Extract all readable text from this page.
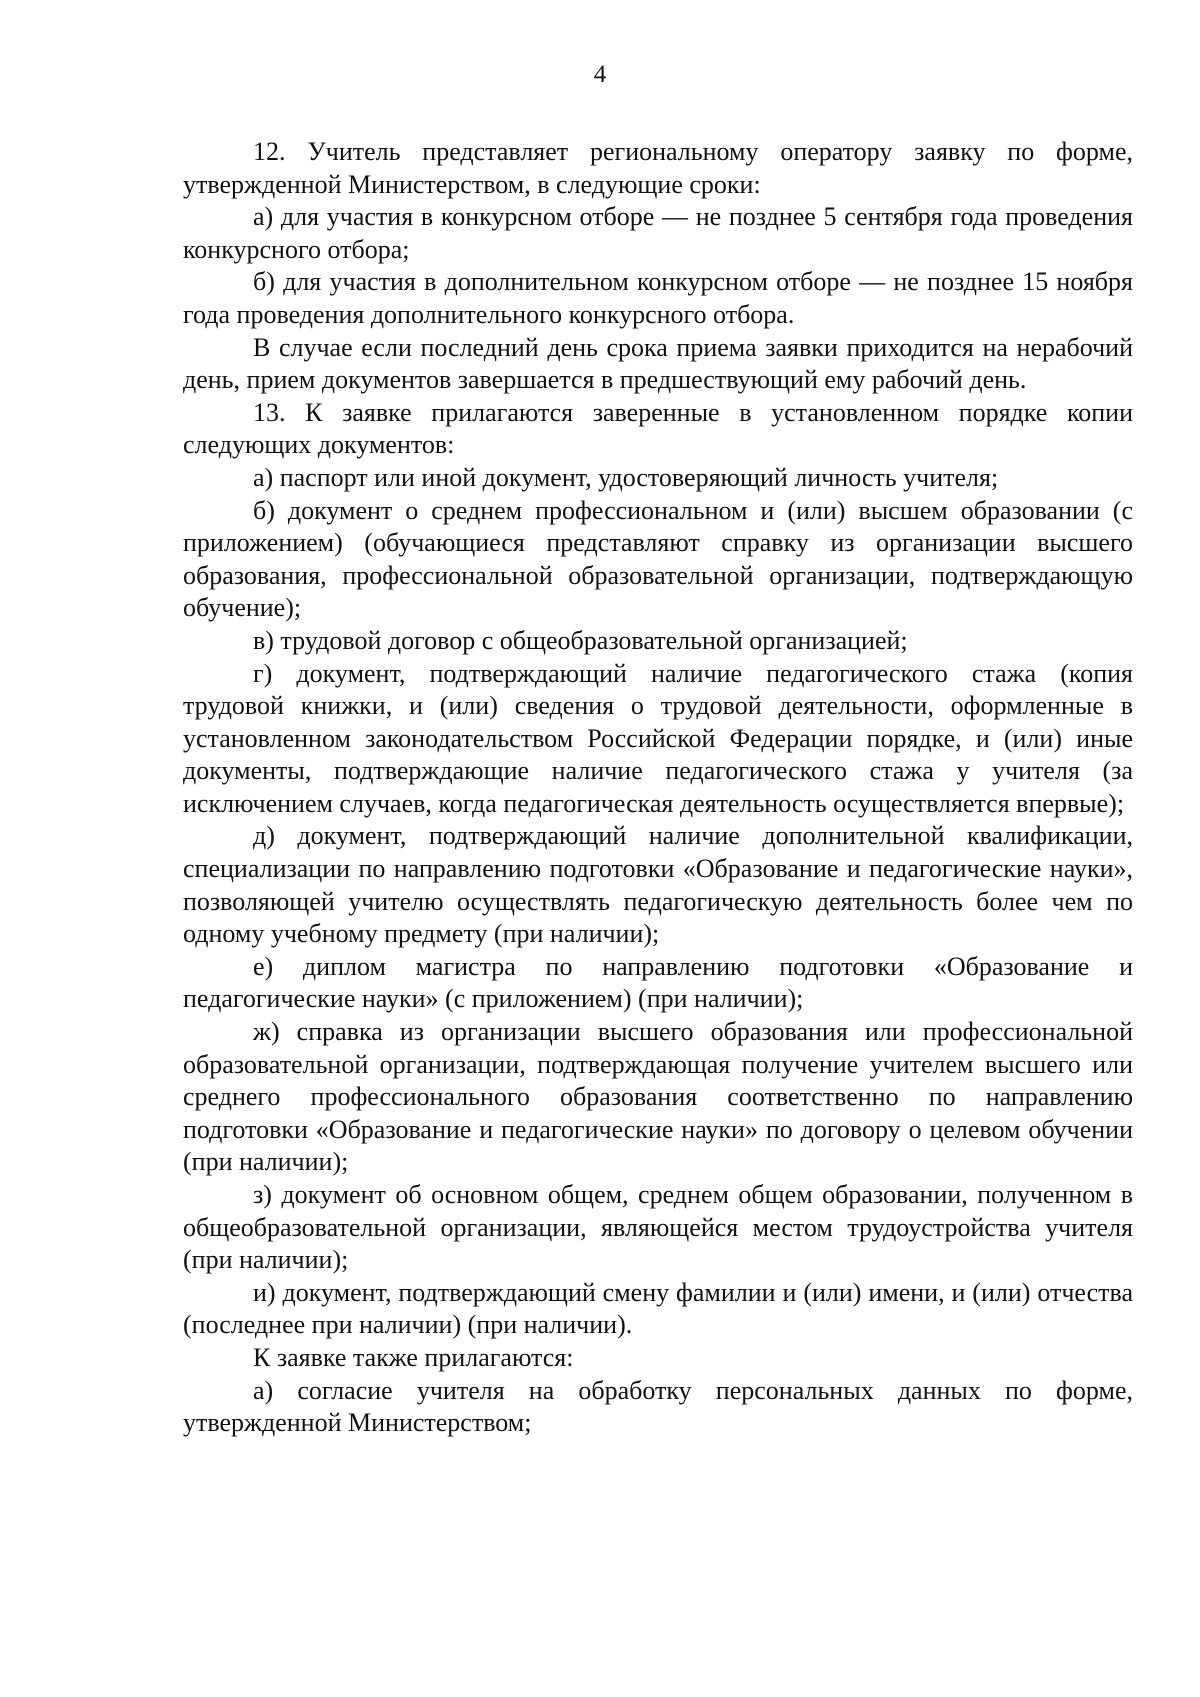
4

12. Учитель представляет региональному оператору заявку по форме, утвержденной Министерством, в следующие сроки:

а) для участия в конкурсном отборе — не позднее 5 сентября года проведения конкурсного отбора;

б) для участия в дополнительном конкурсном отборе — не позднее 15 ноября года проведения дополнительного конкурсного отбора.

В случае если последний день срока приема заявки приходится на нерабочий день, прием документов завершается в предшествующий ему рабочий день.

13. К заявке прилагаются заверенные в установленном порядке копии следующих документов:

а) паспорт или иной документ, удостоверяющий личность учителя;

б) документ о среднем профессиональном и (или) высшем образовании (с приложением) (обучающиеся представляют справку из организации высшего образования, профессиональной образовательной организации, подтверждающую обучение);

в) трудовой договор с общеобразовательной организацией;

г) документ, подтверждающий наличие педагогического стажа (копия трудовой книжки, и (или) сведения о трудовой деятельности, оформленные в установленном законодательством Российской Федерации порядке, и (или) иные документы, подтверждающие наличие педагогического стажа у учителя (за исключением случаев, когда педагогическая деятельность осуществляется впервые);

д) документ, подтверждающий наличие дополнительной квалификации, специализации по направлению подготовки «Образование и педагогические науки», позволяющей учителю осуществлять педагогическую деятельность более чем по одному учебному предмету (при наличии);

е) диплом магистра по направлению подготовки «Образование и педагогические науки» (с приложением) (при наличии);

ж) справка из организации высшего образования или профессиональной образовательной организации, подтверждающая получение учителем высшего или среднего профессионального образования соответственно по направлению подготовки «Образование и педагогические науки» по договору о целевом обучении (при наличии);

з) документ об основном общем, среднем общем образовании, полученном в общеобразовательной организации, являющейся местом трудоустройства учителя (при наличии);

и) документ, подтверждающий смену фамилии и (или) имени, и (или) отчества (последнее при наличии) (при наличии).

К заявке также прилагаются:

а) согласие учителя на обработку персональных данных по форме, утвержденной Министерством;
